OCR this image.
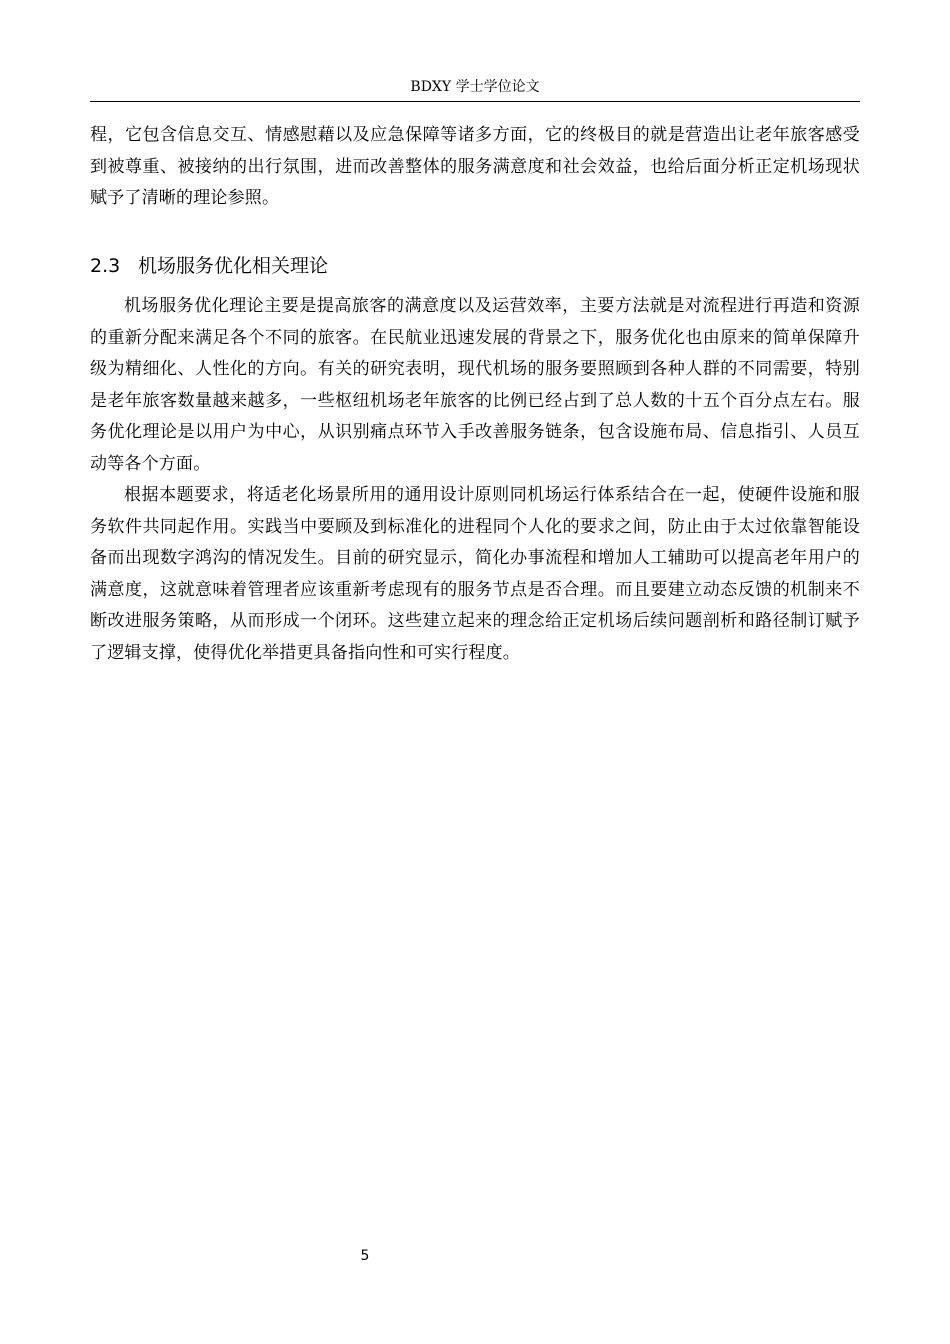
BDXY 学士学位论文

程，它包含信息交互、情感慰藉以及应急保障等诸多方面，它的终极目的就是营造出让老年旅客感受到被尊重、被接纳的出行氛围，进而改善整体的服务满意度和社会效益，也给后面分析正定机场现状赋予了清晰的理论参照。

2.3 机场服务优化相关理论

机场服务优化理论主要是提高旅客的满意度以及运营效率，主要方法就是对流程进行再造和资源的重新分配来满足各个不同的旅客。在民航业迅速发展的背景之下，服务优化也由原来的简单保障升级为精细化、人性化的方向。有关的研究表明，现代机场的服务要照顾到各种人群的不同需要，特别是老年旅客数量越来越多，一些枢纽机场老年旅客的比例已经占到了总人数的十五个百分点左右。服务优化理论是以用户为中心，从识别痛点环节入手改善服务链条，包含设施布局、信息指引、人员互动等各个方面。

根据本题要求，将适老化场景所用的通用设计原则同机场运行体系结合在一起，使硬件设施和服务软件共同起作用。实践当中要顾及到标准化的进程同个人化的要求之间，防止由于太过依靠智能设备而出现数字鸿沟的情况发生。目前的研究显示，简化办事流程和增加人工辅助可以提高老年用户的满意度，这就意味着管理者应该重新考虑现有的服务节点是否合理。而且要建立动态反馈的机制来不断改进服务策略，从而形成一个闭环。这些建立起来的理念给正定机场后续问题剖析和路径制订赋予了逻辑支撑，使得优化举措更具备指向性和可实行程度。

5
